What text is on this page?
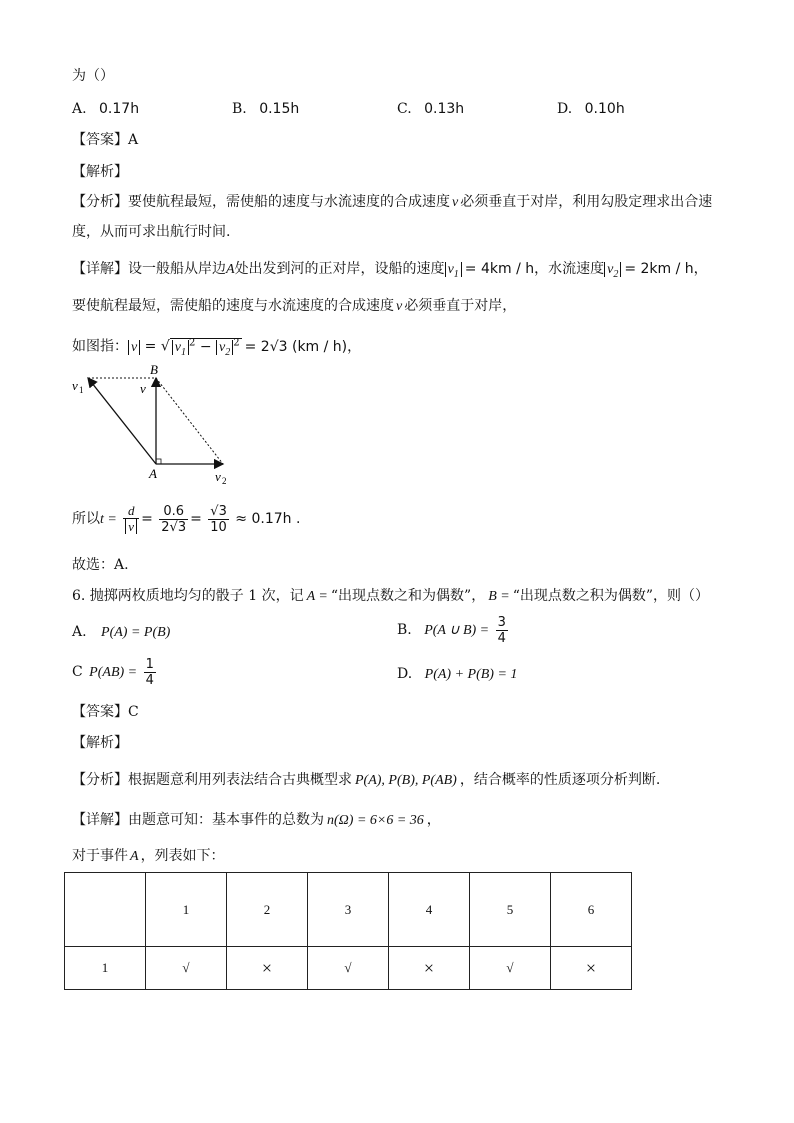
为（）
A. 0.17h	B. 0.15h	C. 0.13h	D. 0.10h
【答案】A
【解析】
【分析】要使航程最短，需使船的速度与水流速度的合成速度 v 必须垂直于对岸，利用勾股定理求出合速
度，从而可求出航行时间.
【详解】设一般船从岸边A处出发到河的正对岸，设船的速度 $v_1 = 4km / h$，水流速度 $v_2 = 2km / h$，
要使航程最短，需使船的速度与水流速度的合成速度 v 必须垂直于对岸，
如图指： v = √ $v_1^2 - v_2^2 = 2√3$ (km / h)，
B
v
v 1
A	v 2
所以$t = \frac{d}{v} = \frac{0.6}{2√3} = \frac{√3}{10} \approx 0.17h$ .
故选：A.
6. 抛掷两枚质地均匀的骰子 1 次，记 A = “出现点数之和为偶数”， B = “出现点数之积为偶数”，则（）
A. P(A) = P(B)	B. P(A ∪ $B) = \frac{3}{4}$
C $P(AB) = \frac{1}{4}$	D. P(A) + P(B) = 1
【答案】C
【解析】
【分析】根据题意利用列表法结合古典概型求 P(A), P(B), P(AB) ，结合概率的性质逐项分析判断.
【详解】由题意可知：基本事件的总数为 n(Ω) = 6×6 = 36 ，
对于事件 A ，列表如下：
	1	2	3	4	5	6
1	√	×	√	×	√	×
